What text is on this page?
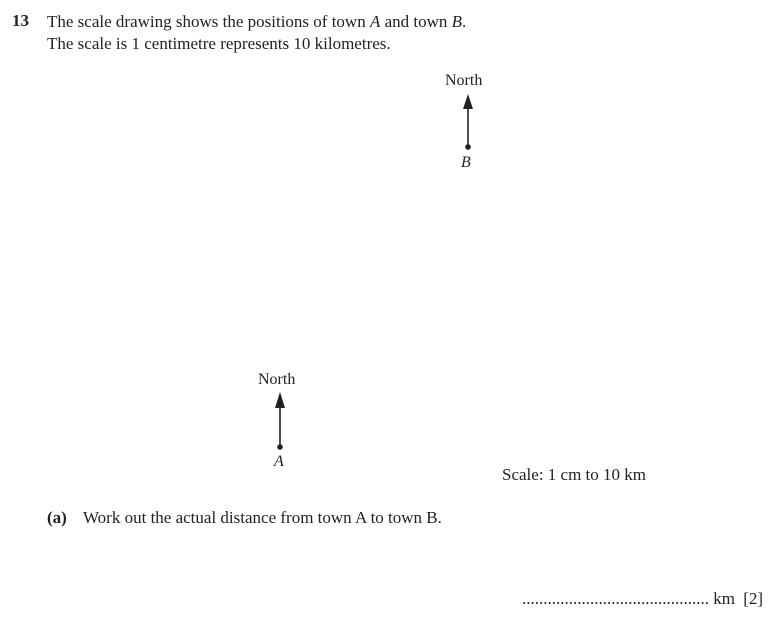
13 The scale drawing shows the positions of town A and town B.
The scale is 1 centimetre represents 10 kilometres.
North
B
North
A
Scale: 1 cm to 10 km
(a) Work out the actual distance from town A to town B.
............................................ km [2]
